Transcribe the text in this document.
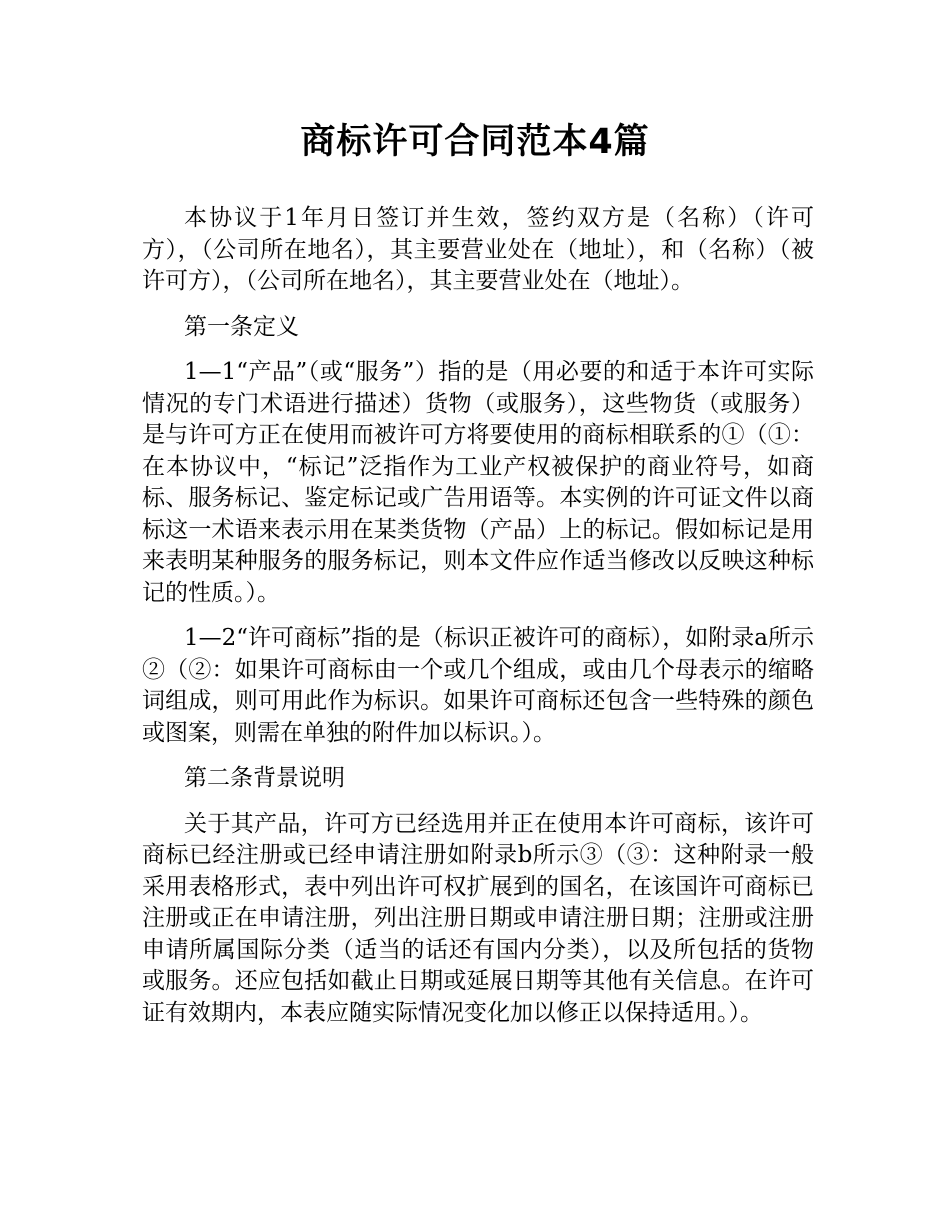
商标许可合同范本4篇

本协议于1年月日签订并生效，签约双方是（名称）（许可方），（公司所在地名），其主要营业处在（地址），和（名称）（被许可方），（公司所在地名），其主要营业处在（地址）。

第一条定义

1—1“产品”（或“服务”）指的是（用必要的和适于本许可实际情况的专门术语进行描述）货物（或服务），这些物货（或服务）是与许可方正在使用而被许可方将要使用的商标相联系的①（①：在本协议中，“标记”泛指作为工业产权被保护的商业符号，如商标、服务标记、鉴定标记或广告用语等。本实例的许可证文件以商标这一术语来表示用在某类货物（产品）上的标记。假如标记是用来表明某种服务的服务标记，则本文件应作适当修改以反映这种标记的性质。）。

1—2“许可商标”指的是（标识正被许可的商标），如附录a所示②（②：如果许可商标由一个或几个组成，或由几个母表示的缩略词组成，则可用此作为标识。如果许可商标还包含一些特殊的颜色或图案，则需在单独的附件加以标识。）。

第二条背景说明

关于其产品，许可方已经选用并正在使用本许可商标，该许可商标已经注册或已经申请注册如附录b所示③（③：这种附录一般采用表格形式，表中列出许可权扩展到的国名，在该国许可商标已注册或正在申请注册，列出注册日期或申请注册日期；注册或注册申请所属国际分类（适当的话还有国内分类），以及所包括的货物或服务。还应包括如截止日期或延展日期等其他有关信息。在许可证有效期内，本表应随实际情况变化加以修正以保持适用。）。
